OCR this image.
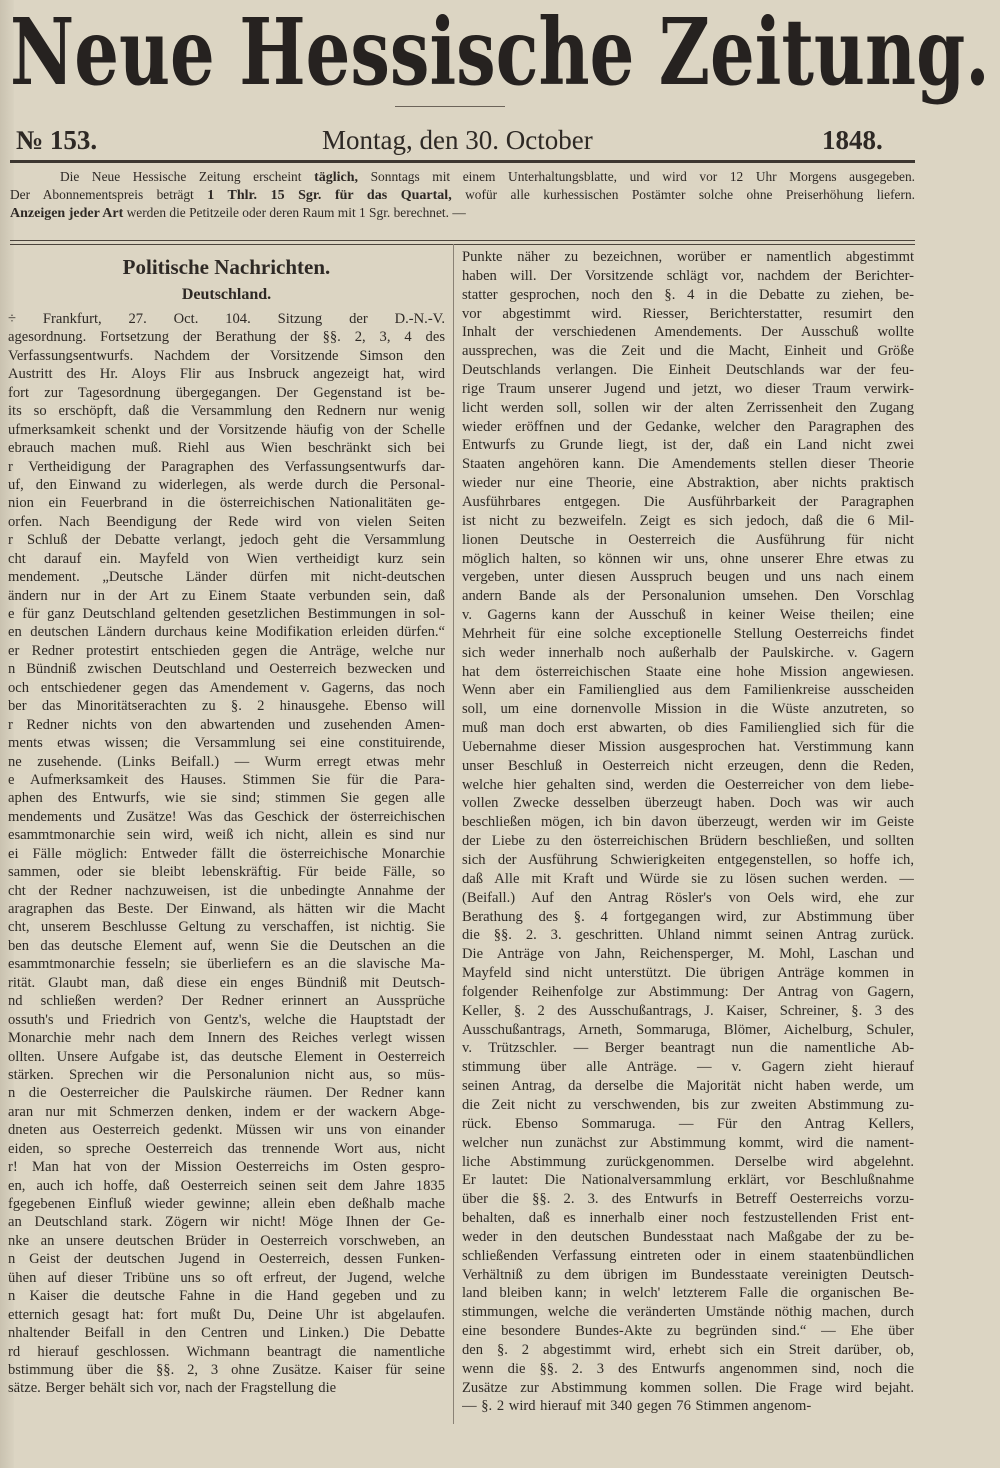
Neue Hessische Zeitung.
№ 153.	Montag, den 30. October	1848.
Die Neue Hessische Zeitung erscheint täglich, Sonntags mit einem Unterhaltungsblatte, und wird vor 12 Uhr Morgens ausgegeben.
Der Abonnementspreis beträgt 1 Thlr. 15 Sgr. für das Quartal, wofür alle kurhessischen Postämter solche ohne Preiserhöhung liefern.
Anzeigen jeder Art werden die Petitzeile oder deren Raum mit 1 Sgr. berechnet. —
Politische Nachrichten.
Deutschland.
÷ Frankfurt, 27. Oct. 104. Sitzung der D.-N.-V.
agesordnung. Fortsetzung der Berathung der §§. 2, 3, 4 des
Verfassungsentwurfs. Nachdem der Vorsitzende Simson den
Austritt des Hr. Aloys Flir aus Insbruck angezeigt hat, wird
fort zur Tagesordnung übergegangen. Der Gegenstand ist be-
its so erschöpft, daß die Versammlung den Rednern nur wenig
ufmerksamkeit schenkt und der Vorsitzende häufig von der Schelle
ebrauch machen muß. Riehl aus Wien beschränkt sich bei
r Vertheidigung der Paragraphen des Verfassungsentwurfs dar-
uf, den Einwand zu widerlegen, als werde durch die Personal-
nion ein Feuerbrand in die österreichischen Nationalitäten ge-
orfen. Nach Beendigung der Rede wird von vielen Seiten
r Schluß der Debatte verlangt, jedoch geht die Versammlung
cht darauf ein. Mayfeld von Wien vertheidigt kurz sein
mendement. „Deutsche Länder dürfen mit nicht-deutschen
ändern nur in der Art zu Einem Staate verbunden sein, daß
e für ganz Deutschland geltenden gesetzlichen Bestimmungen in sol-
en deutschen Ländern durchaus keine Modifikation erleiden dürfen.“
er Redner protestirt entschieden gegen die Anträge, welche nur
n Bündniß zwischen Deutschland und Oesterreich bezwecken und
och entschiedener gegen das Amendement v. Gagerns, das noch
ber das Minoritätserachten zu §. 2 hinausgehe. Ebenso will
r Redner nichts von den abwartenden und zusehenden Amen-
ments etwas wissen; die Versammlung sei eine constituirende,
ne zusehende. (Links Beifall.) — Wurm erregt etwas mehr
e Aufmerksamkeit des Hauses. Stimmen Sie für die Para-
aphen des Entwurfs, wie sie sind; stimmen Sie gegen alle
mendements und Zusätze! Was das Geschick der österreichischen
esammtmonarchie sein wird, weiß ich nicht, allein es sind nur
ei Fälle möglich: Entweder fällt die österreichische Monarchie
sammen, oder sie bleibt lebenskräftig. Für beide Fälle, so
cht der Redner nachzuweisen, ist die unbedingte Annahme der
aragraphen das Beste. Der Einwand, als hätten wir die Macht
cht, unserem Beschlusse Geltung zu verschaffen, ist nichtig. Sie
ben das deutsche Element auf, wenn Sie die Deutschen an die
esammtmonarchie fesseln; sie überliefern es an die slavische Ma-
rität. Glaubt man, daß diese ein enges Bündniß mit Deutsch-
nd schließen werden? Der Redner erinnert an Aussprüche
ossuth's und Friedrich von Gentz's, welche die Hauptstadt der
Monarchie mehr nach dem Innern des Reiches verlegt wissen
ollten. Unsere Aufgabe ist, das deutsche Element in Oesterreich
stärken. Sprechen wir die Personalunion nicht aus, so müs-
n die Oesterreicher die Paulskirche räumen. Der Redner kann
aran nur mit Schmerzen denken, indem er der wackern Abge-
dneten aus Oesterreich gedenkt. Müssen wir uns von einander
eiden, so spreche Oesterreich das trennende Wort aus, nicht
r! Man hat von der Mission Oesterreichs im Osten gespro-
en, auch ich hoffe, daß Oesterreich seinen seit dem Jahre 1835
fgegebenen Einfluß wieder gewinne; allein eben deßhalb mache
an Deutschland stark. Zögern wir nicht! Möge Ihnen der Ge-
nke an unsere deutschen Brüder in Oesterreich vorschweben, an
n Geist der deutschen Jugend in Oesterreich, dessen Funken-
ühen auf dieser Tribüne uns so oft erfreut, der Jugend, welche
n Kaiser die deutsche Fahne in die Hand gegeben und zu
etternich gesagt hat: fort mußt Du, Deine Uhr ist abgelaufen.
nhaltender Beifall in den Centren und Linken.) Die Debatte
rd hierauf geschlossen. Wichmann beantragt die namentliche
bstimmung über die §§. 2, 3 ohne Zusätze. Kaiser für seine
sätze. Berger behält sich vor, nach der Fragstellung die
Punkte näher zu bezeichnen, worüber er namentlich abgestimmt
haben will. Der Vorsitzende schlägt vor, nachdem der Berichter-
statter gesprochen, noch den §. 4 in die Debatte zu ziehen, be-
vor abgestimmt wird. Riesser, Berichterstatter, resumirt den
Inhalt der verschiedenen Amendements. Der Ausschuß wollte
aussprechen, was die Zeit und die Macht, Einheit und Größe
Deutschlands verlangen. Die Einheit Deutschlands war der feu-
rige Traum unserer Jugend und jetzt, wo dieser Traum verwirk-
licht werden soll, sollen wir der alten Zerrissenheit den Zugang
wieder eröffnen und der Gedanke, welcher den Paragraphen des
Entwurfs zu Grunde liegt, ist der, daß ein Land nicht zwei
Staaten angehören kann. Die Amendements stellen dieser Theorie
wieder nur eine Theorie, eine Abstraktion, aber nichts praktisch
Ausführbares entgegen. Die Ausführbarkeit der Paragraphen
ist nicht zu bezweifeln. Zeigt es sich jedoch, daß die 6 Mil-
lionen Deutsche in Oesterreich die Ausführung für nicht
möglich halten, so können wir uns, ohne unserer Ehre etwas zu
vergeben, unter diesen Ausspruch beugen und uns nach einem
andern Bande als der Personalunion umsehen. Den Vorschlag
v. Gagerns kann der Ausschuß in keiner Weise theilen; eine
Mehrheit für eine solche exceptionelle Stellung Oesterreichs findet
sich weder innerhalb noch außerhalb der Paulskirche. v. Gagern
hat dem österreichischen Staate eine hohe Mission angewiesen.
Wenn aber ein Familienglied aus dem Familienkreise ausscheiden
soll, um eine dornenvolle Mission in die Wüste anzutreten, so
muß man doch erst abwarten, ob dies Familienglied sich für die
Uebernahme dieser Mission ausgesprochen hat. Verstimmung kann
unser Beschluß in Oesterreich nicht erzeugen, denn die Reden,
welche hier gehalten sind, werden die Oesterreicher von dem liebe-
vollen Zwecke desselben überzeugt haben. Doch was wir auch
beschließen mögen, ich bin davon überzeugt, werden wir im Geiste
der Liebe zu den österreichischen Brüdern beschließen, und sollten
sich der Ausführung Schwierigkeiten entgegenstellen, so hoffe ich,
daß Alle mit Kraft und Würde sie zu lösen suchen werden. —
(Beifall.) Auf den Antrag Rösler's von Oels wird, ehe zur
Berathung des §. 4 fortgegangen wird, zur Abstimmung über
die §§. 2. 3. geschritten. Uhland nimmt seinen Antrag zurück.
Die Anträge von Jahn, Reichensperger, M. Mohl, Laschan und
Mayfeld sind nicht unterstützt. Die übrigen Anträge kommen in
folgender Reihenfolge zur Abstimmung: Der Antrag von Gagern,
Keller, §. 2 des Ausschußantrags, J. Kaiser, Schreiner, §. 3 des
Ausschußantrags, Arneth, Sommaruga, Blömer, Aichelburg, Schuler,
v. Trützschler. — Berger beantragt nun die namentliche Ab-
stimmung über alle Anträge. — v. Gagern zieht hierauf
seinen Antrag, da derselbe die Majorität nicht haben werde, um
die Zeit nicht zu verschwenden, bis zur zweiten Abstimmung zu-
rück. Ebenso Sommaruga. — Für den Antrag Kellers,
welcher nun zunächst zur Abstimmung kommt, wird die nament-
liche Abstimmung zurückgenommen. Derselbe wird abgelehnt.
Er lautet: Die Nationalversammlung erklärt, vor Beschlußnahme
über die §§. 2. 3. des Entwurfs in Betreff Oesterreichs vorzu-
behalten, daß es innerhalb einer noch festzustellenden Frist ent-
weder in den deutschen Bundesstaat nach Maßgabe der zu be-
schließenden Verfassung eintreten oder in einem staatenbündlichen
Verhältniß zu dem übrigen im Bundesstaate vereinigten Deutsch-
land bleiben kann; in welch' letzterem Falle die organischen Be-
stimmungen, welche die veränderten Umstände nöthig machen, durch
eine besondere Bundes-Akte zu begründen sind.“ — Ehe über
den §. 2 abgestimmt wird, erhebt sich ein Streit darüber, ob,
wenn die §§. 2. 3 des Entwurfs angenommen sind, noch die
Zusätze zur Abstimmung kommen sollen. Die Frage wird bejaht.
— §. 2 wird hierauf mit 340 gegen 76 Stimmen angenom-
